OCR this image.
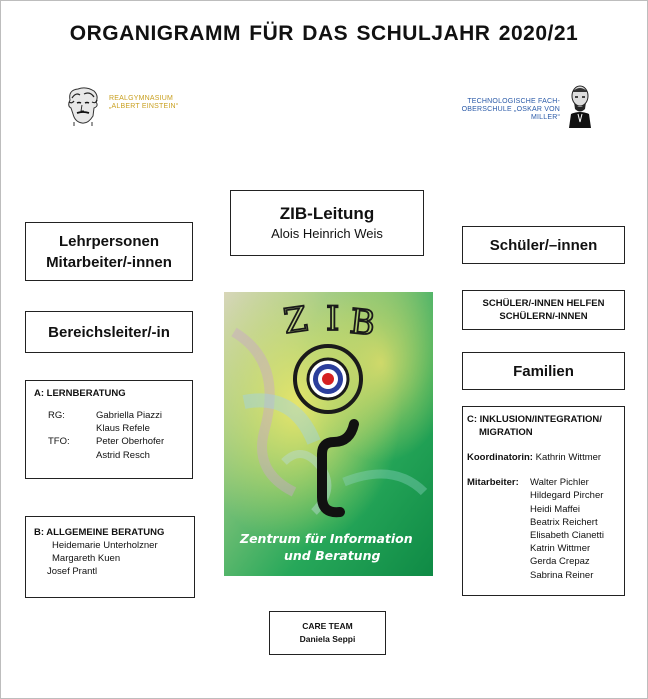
ORGANIGRAMM FÜR DAS SCHULJAHR 2020/21
REALGYMNASIUM
„ALBERT EINSTEIN“
TECHNOLOGISCHE FACH-
OBERSCHULE „OSKAR VON MILLER“
ZIB-Leitung
Alois Heinrich Weis
Lehrpersonen
Mitarbeiter/-innen
Bereichsleiter/-in
A: LERNBERATUNG
RG:	Gabriella Piazzi
Klaus Refele
TFO:	Peter Oberhofer
Astrid Resch
B: ALLGEMEINE BERATUNG
Heidemarie Unterholzner
Margareth Kuen
Josef Prantl
Schüler/–innen
SCHÜLER/-INNEN HELFEN
SCHÜLERN/-INNEN
Familien
C: INKLUSION/INTEGRATION/
MIGRATION
Koordinatorin: Kathrin Wittmer
Mitarbeiter: Walter Pichler
Hildegard Pircher
Heidi Maffei
Beatrix Reichert
Elisabeth Cianetti
Katrin Wittmer
Gerda Crepaz
Sabrina Reiner
CARE TEAM
Daniela Seppi
Z I B
Zentrum für Information
und Beratung
